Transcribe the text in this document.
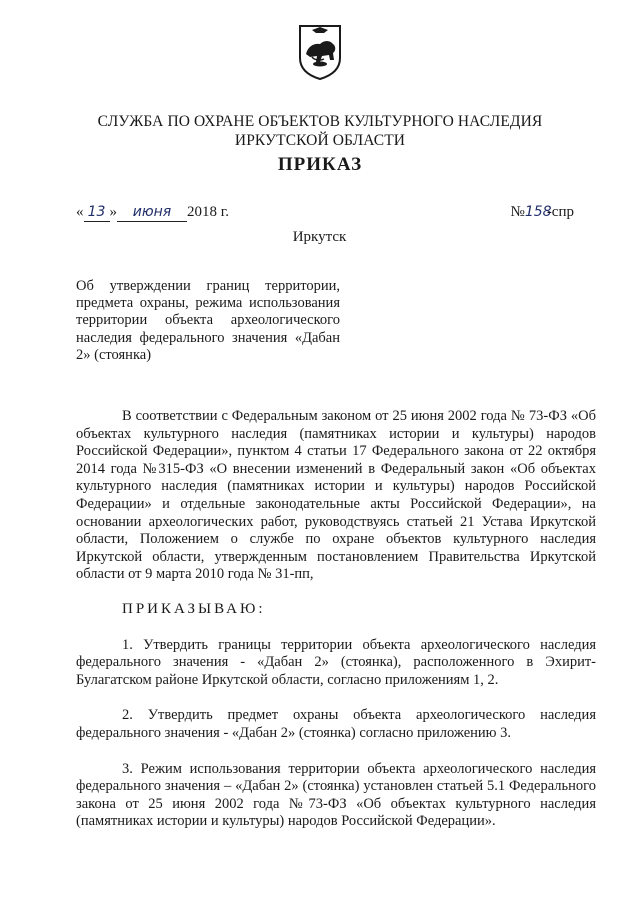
СЛУЖБА ПО ОХРАНЕ ОБЪЕКТОВ КУЛЬТУРНОГО НАСЛЕДИЯ
ИРКУТСКОЙ ОБЛАСТИ
ПРИКАЗ
« 13 » июня 2018 г.	№158-спр
Иркутск
Об утверждении границ территории, предмета охраны, режима использования территории объекта археологического наследия федерального значения «Дабан 2» (стоянка)

В соответствии с Федеральным законом от 25 июня 2002 года № 73-ФЗ «Об объектах культурного наследия (памятниках истории и культуры) народов Российской Федерации», пунктом 4 статьи 17 Федерального закона от 22 октября 2014 года №315-ФЗ «О внесении изменений в Федеральный закон «Об объектах культурного наследия (памятниках истории и культуры) народов Российской Федерации» и отдельные законодательные акты Российской Федерации», на основании археологических работ, руководствуясь статьей 21 Устава Иркутской области, Положением о службе по охране объектов культурного наследия Иркутской области, утвержденным постановлением Правительства Иркутской области от 9 марта 2010 года № 31-пп,

ПРИКАЗЫВАЮ:

1. Утвердить границы территории объекта археологического наследия федерального значения - «Дабан 2» (стоянка), расположенного в Эхирит-Булагатском районе Иркутской области, согласно приложениям 1, 2.

2. Утвердить предмет охраны объекта археологического наследия федерального значения - «Дабан 2» (стоянка) согласно приложению 3.

3. Режим использования территории объекта археологического наследия федерального значения – «Дабан 2» (стоянка) установлен статьей 5.1 Федерального закона от 25 июня 2002 года №73-ФЗ «Об объектах культурного наследия (памятниках истории и культуры) народов Российской Федерации».
